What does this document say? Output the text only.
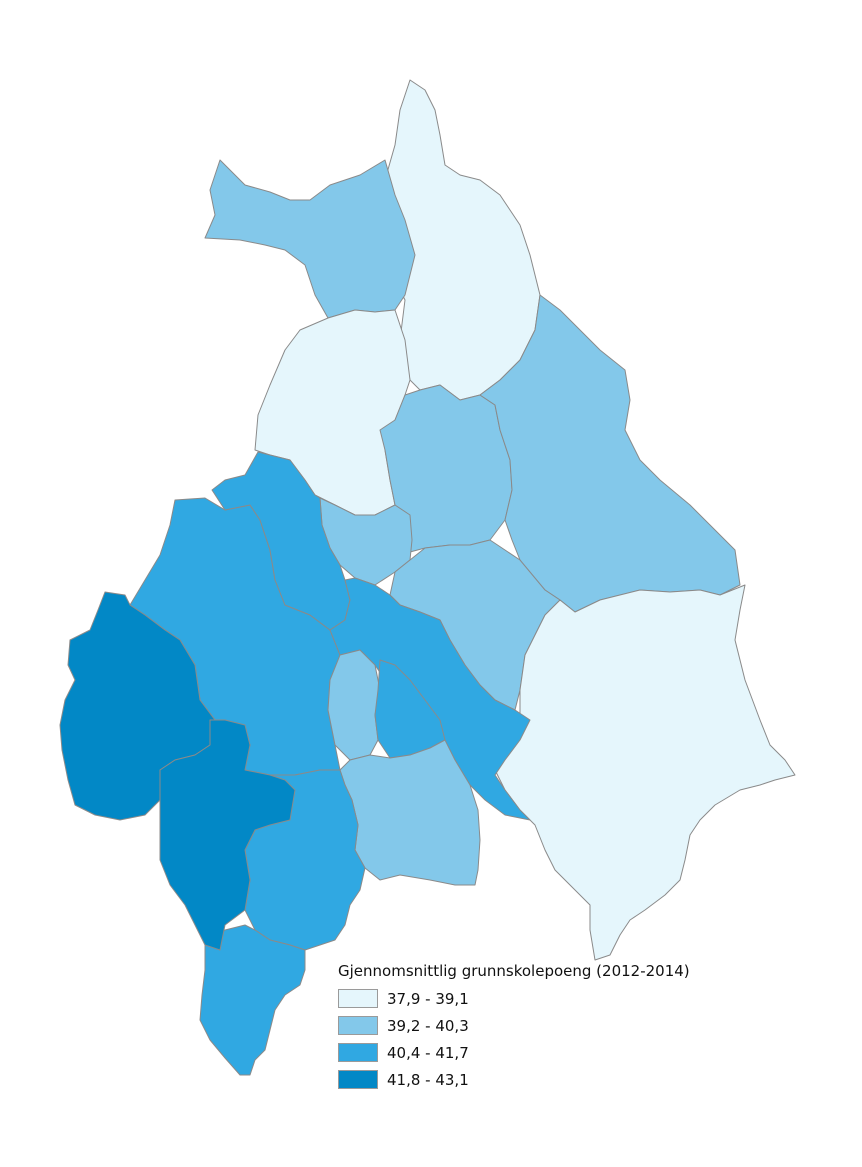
Gjennomsnittlig grunnskolepoeng (2012-2014)
37,9 - 39,1
39,2 - 40,3
40,4 - 41,7
41,8 - 43,1
